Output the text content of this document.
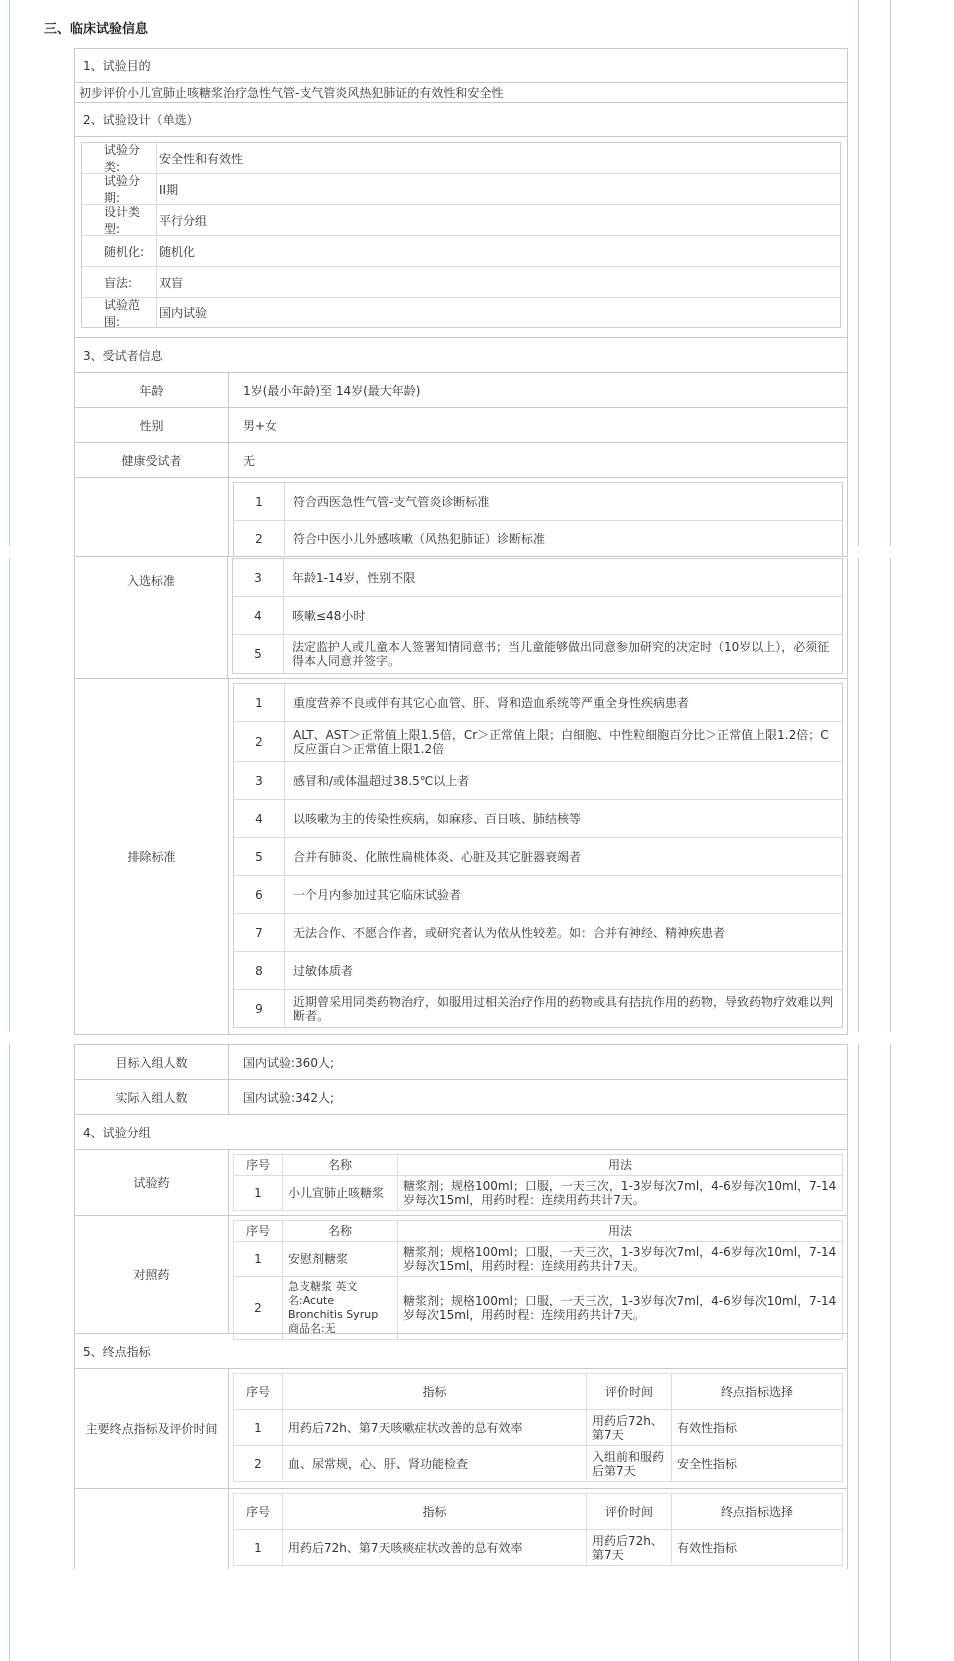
三、临床试验信息
1、试验目的
初步评价小儿宣肺止咳糖浆治疗急性气管-支气管炎风热犯肺证的有效性和安全性
2、试验设计（单选）
试验分类:
安全性和有效性
试验分期:
II期
设计类型:
平行分组
随机化:	随机化
盲法:	双盲
试验范围:
国内试验
3、受试者信息
年龄	1岁(最小年龄)至 14岁(最大年龄)
性别	男+女
健康受试者	无
1	符合西医急性气管-支气管炎诊断标准
2	符合中医小儿外感咳嗽（风热犯肺证）诊断标准
入选标准	3	年龄1-14岁，性别不限
4	咳嗽≤48小时
5	法定监护人或儿童本人签署知情同意书；当儿童能够做出同意参加研究的决定时（10岁以上），必须征得本人同意并签字。
排除标准
1	重度营养不良或伴有其它心血管、肝、肾和造血系统等严重全身性疾病患者
2	ALT、AST＞正常值上限1.5倍，Cr＞正常值上限；白细胞、中性粒细胞百分比＞正常值上限1.2倍；C反应蛋白＞正常值上限1.2倍
3	感冒和/或体温超过38.5℃以上者
4	以咳嗽为主的传染性疾病，如麻疹、百日咳、肺结核等
5	合并有肺炎、化脓性扁桃体炎、心脏及其它脏器衰竭者
6	一个月内参加过其它临床试验者
7	无法合作、不愿合作者，或研究者认为依从性较差。如：合并有神经、精神疾患者
8	过敏体质者
9	近期曾采用同类药物治疗，如服用过相关治疗作用的药物或具有拮抗作用的药物，导致药物疗效难以判断者。
目标入组人数	国内试验:360人;
实际入组人数	国内试验:342人;
4、试验分组
试验药
序号	名称	用法
1	小儿宣肺止咳糖浆	糖浆剂；规格100ml；口服，一天三次，1-3岁每次7ml，4-6岁每次10ml，7-14岁每次15ml，用药时程：连续用药共计7天。
对照药
序号	名称	用法
1	安慰剂糖浆	糖浆剂；规格100ml；口服，一天三次，1-3岁每次7ml，4-6岁每次10ml，7-14岁每次15ml，用药时程：连续用药共计7天。
2	急支糖浆 英文名:Acute Bronchitis Syrup 商品名:无	糖浆剂；规格100ml；口服，一天三次，1-3岁每次7ml，4-6岁每次10ml，7-14岁每次15ml，用药时程：连续用药共计7天。
5、终点指标
主要终点指标及评价时间
序号	指标	评价时间	终点指标选择
1	用药后72h、第7天咳嗽症状改善的总有效率	用药后72h、第7天	有效性指标
2	血、尿常规，心、肝、肾功能检查	入组前和服药后第7天	安全性指标
序号	指标	评价时间	终点指标选择
1	用药后72h、第7天咳痰症状改善的总有效率	用药后72h、第7天	有效性指标
